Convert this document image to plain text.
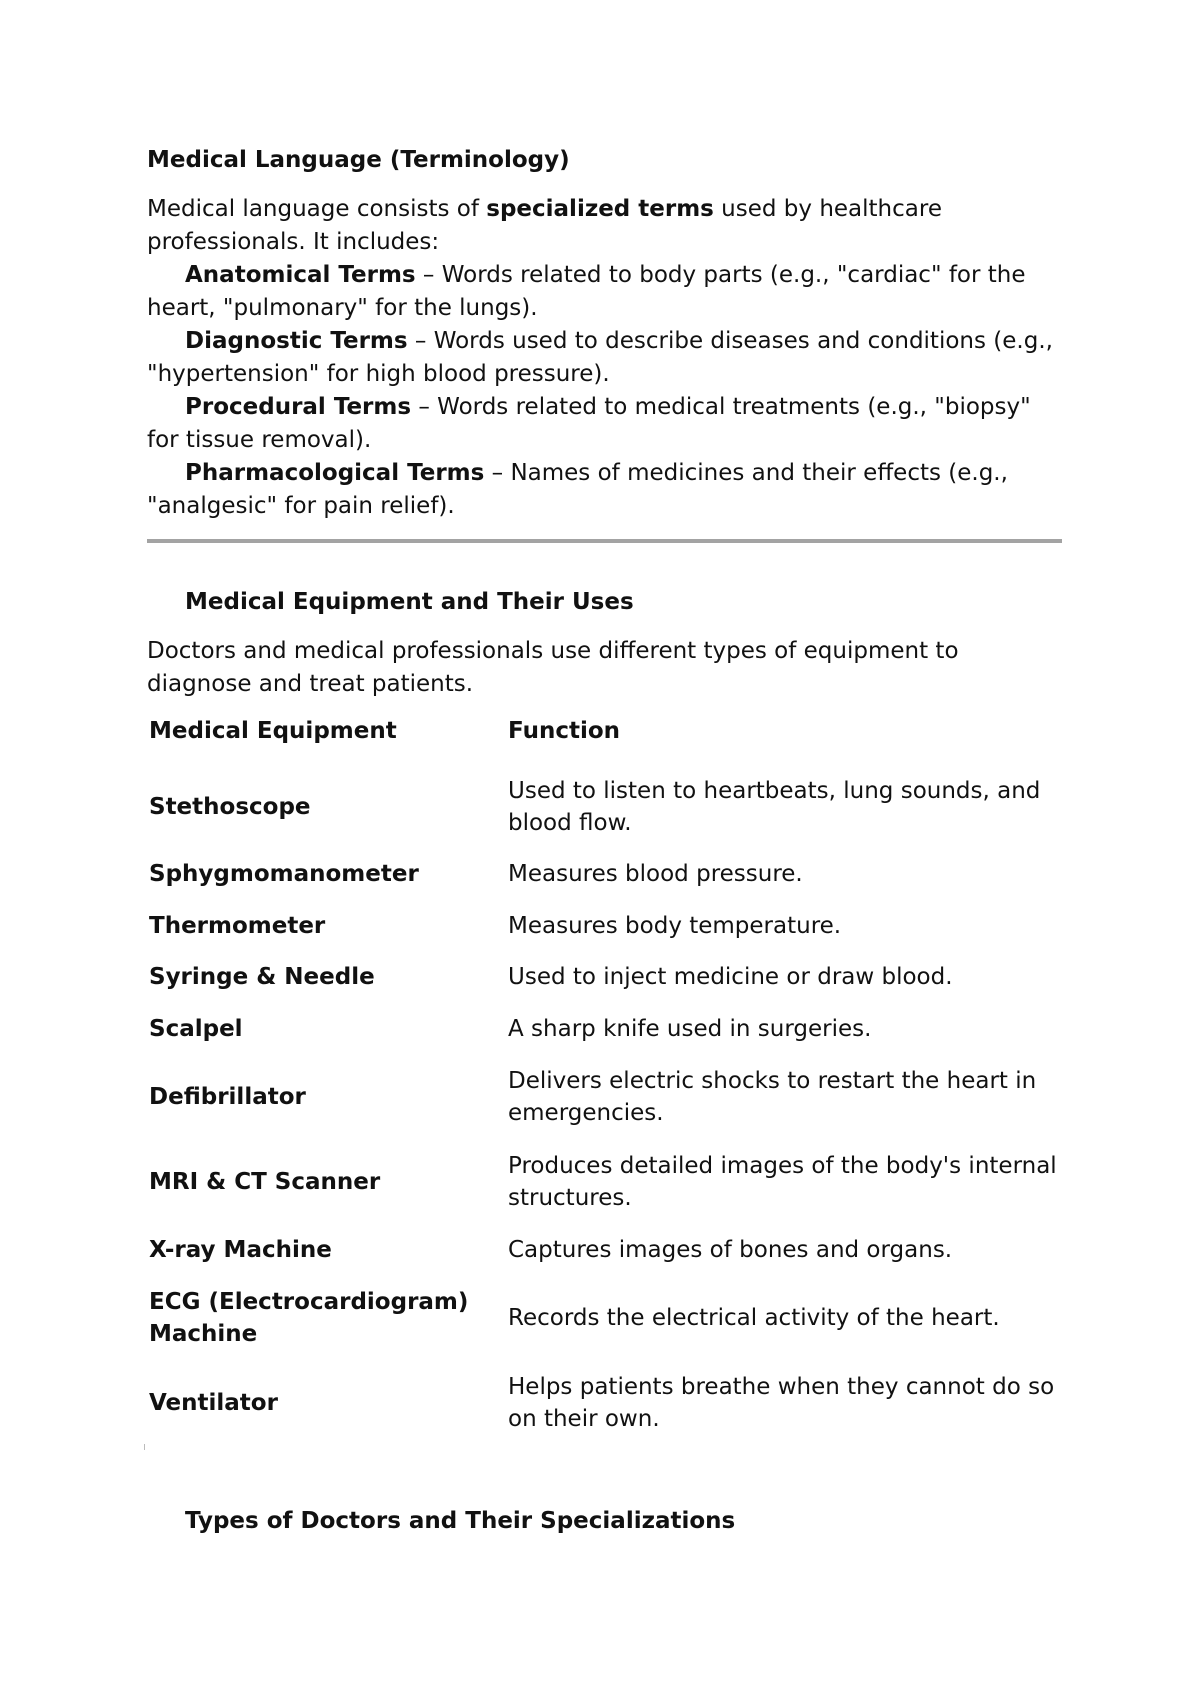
Medical Language (Terminology)

Medical language consists of specialized terms used by healthcare professionals. It includes:

Anatomical Terms – Words related to body parts (e.g., "cardiac" for the heart, "pulmonary" for the lungs).

Diagnostic Terms – Words used to describe diseases and conditions (e.g., "hypertension" for high blood pressure).

Procedural Terms – Words related to medical treatments (e.g., "biopsy" for tissue removal).

Pharmacological Terms – Names of medicines and their effects (e.g., "analgesic" for pain relief).

Medical Equipment and Their Uses

Doctors and medical professionals use different types of equipment to diagnose and treat patients.

Medical Equipment	Function
Stethoscope	Used to listen to heartbeats, lung sounds, and blood flow.
Sphygmomanometer	Measures blood pressure.
Thermometer	Measures body temperature.
Syringe & Needle	Used to inject medicine or draw blood.
Scalpel	A sharp knife used in surgeries.
Defibrillator	Delivers electric shocks to restart the heart in emergencies.
MRI & CT Scanner	Produces detailed images of the body's internal structures.
X-ray Machine	Captures images of bones and organs.
ECG (Electrocardiogram) Machine	Records the electrical activity of the heart.
Ventilator	Helps patients breathe when they cannot do so on their own.
Types of Doctors and Their Specializations
